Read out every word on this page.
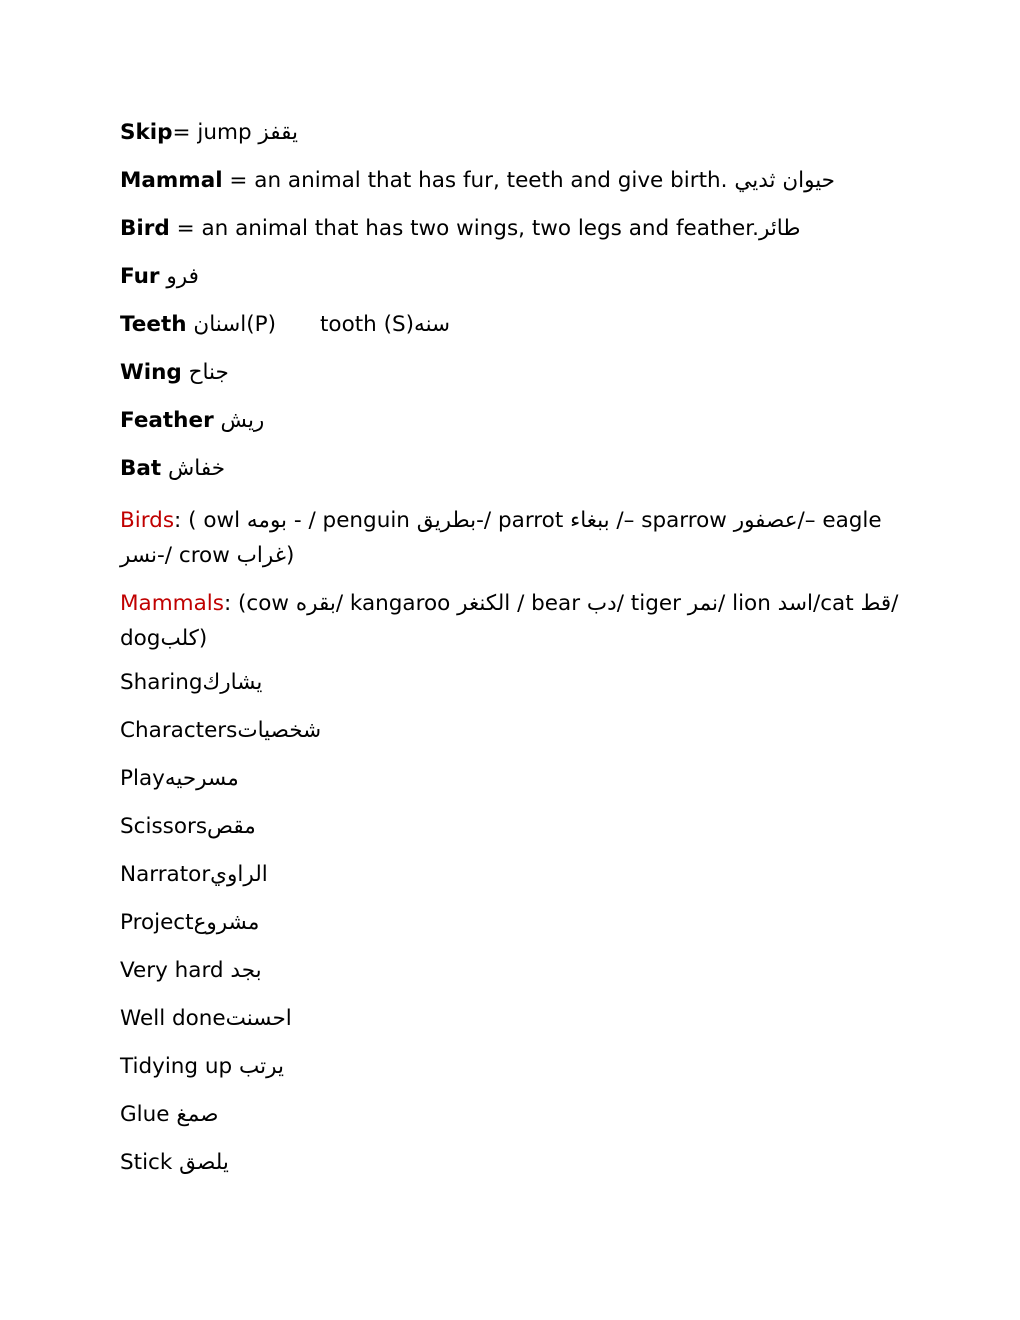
Skip= jump يقفز
Mammal = an animal that has fur, teeth and give birth. حيوان ثديي
Bird = an animal that has two wings, two legs and feather.طائر
Fur فرو
Teeth اسنان(P) tooth (S)سنه
Wing جناح
Feather ريش
Bat خفاش
Birds: ( owl بومه - / penguin بطريق-/ parrot ببغاء /– sparrow عصفور/– eagle نسر-/ crow غراب)
Mammals: (cow بقره/ kangaroo الكنغر / bear دب/ tiger نمر/ lion اسد/cat قط/ dogكلب)
Sharingيشارك
Charactersشخصيات
Playمسرحيه
Scissorsمقص
Narratorالراوي
Projectمشروع
Very hard بجد
Well doneاحسنت
Tidying up يرتب
Glue صمغ
Stick يلصق
